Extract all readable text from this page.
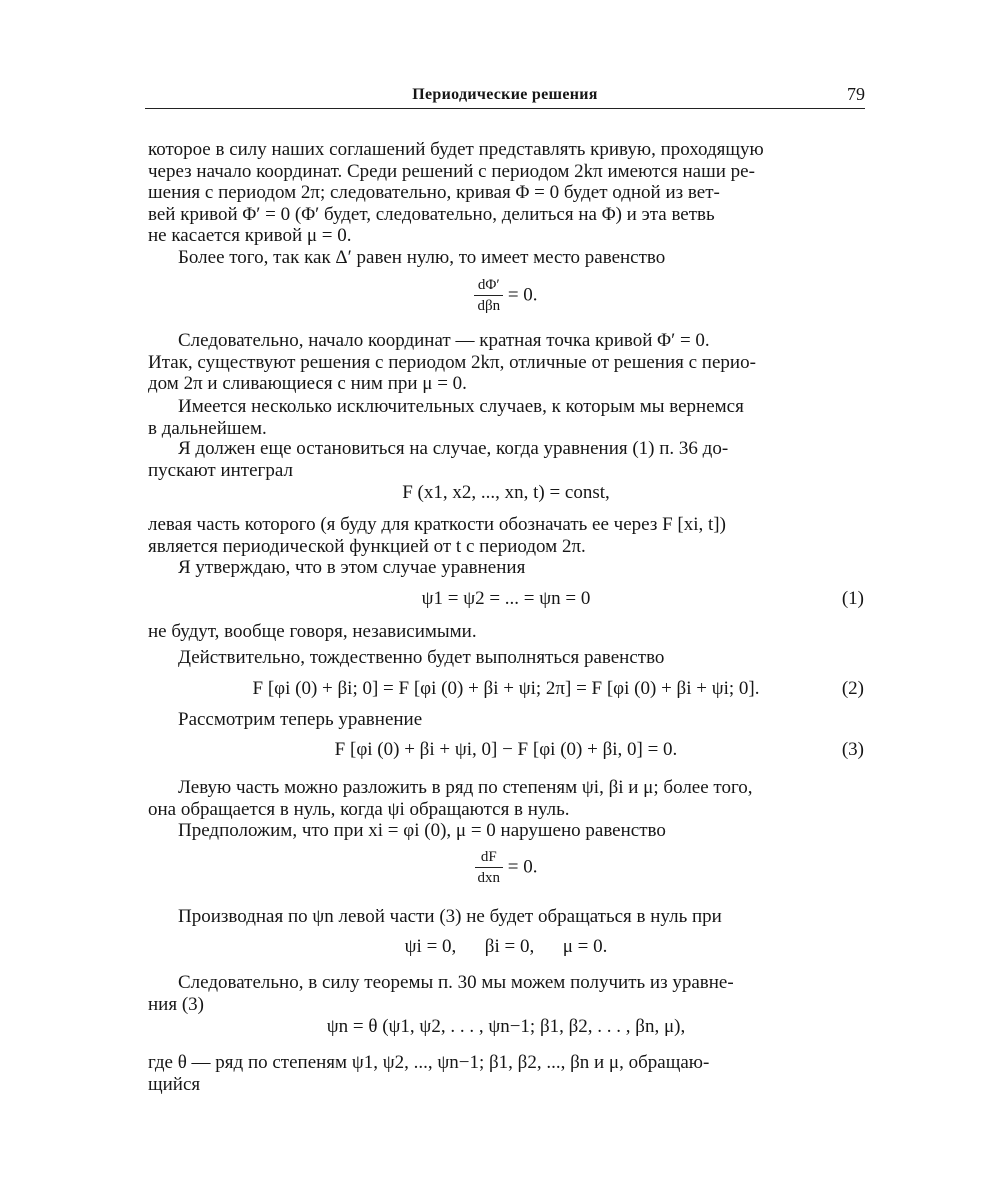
Периодические решения	79
которое в силу наших соглашений будет представлять кривую, проходящую
через начало координат. Среди решений с периодом 2kπ имеются наши ре-
шения с периодом 2π; следовательно, кривая Φ = 0 будет одной из вет-
вей кривой Φ′ = 0 (Φ′ будет, следовательно, делиться на Φ) и эта ветвь
не касается кривой μ = 0.
Более того, так как Δ′ равен нулю, то имеет место равенство
$\frac{d\Phi'}{\text{dβn}} = 0$.
Следовательно, начало координат — кратная точка кривой Φ′ = 0.
Итак, существуют решения с периодом 2kπ, отличные от решения с перио-
дом 2π и сливающиеся с ним при μ = 0.
Имеется несколько исключительных случаев, к которым мы вернемся
в дальнейшем.
Я должен еще остановиться на случае, когда уравнения (1) п. 36 до-
пускают интеграл
F (x1, x2, ..., xn, t) = const,
левая часть которого (я буду для краткости обозначать ее через F [xi, t])
является периодической функцией от t с периодом 2π.
Я утверждаю, что в этом случае уравнения
ψ1 = ψ2 = ... = ψn = 0	(1)
не будут, вообще говоря, независимыми.
Действительно, тождественно будет выполняться равенство
F [φi (0) + βi; 0] = F [φi (0) + βi + ψi; 2π] = F [φi (0) + βi + ψi; 0].	(2)
Рассмотрим теперь уравнение
F [φi (0) + βi + ψi, 0] − F [φi (0) + βi, 0] = 0.	(3)
Левую часть можно разложить в ряд по степеням ψi, βi и μ; более того,
она обращается в нуль, когда ψi обращаются в нуль.
Предположим, что при xi = φi (0), μ = 0 нарушено равенство
$\frac{dF}{\text{dxn}} = 0$.
Производная по ψn левой части (3) не будет обращаться в нуль при
ψi = 0,      βi = 0,      μ = 0.
Следовательно, в силу теоремы п. 30 мы можем получить из уравне-
ния (3)
ψn = θ (ψ1, ψ2, . . . , ψn−1; β1, β2, . . . , βn, μ),
где θ — ряд по степеням ψ1, ψ2, ..., ψn−1; β1, β2, ..., βn и μ, обращаю-
щийся
